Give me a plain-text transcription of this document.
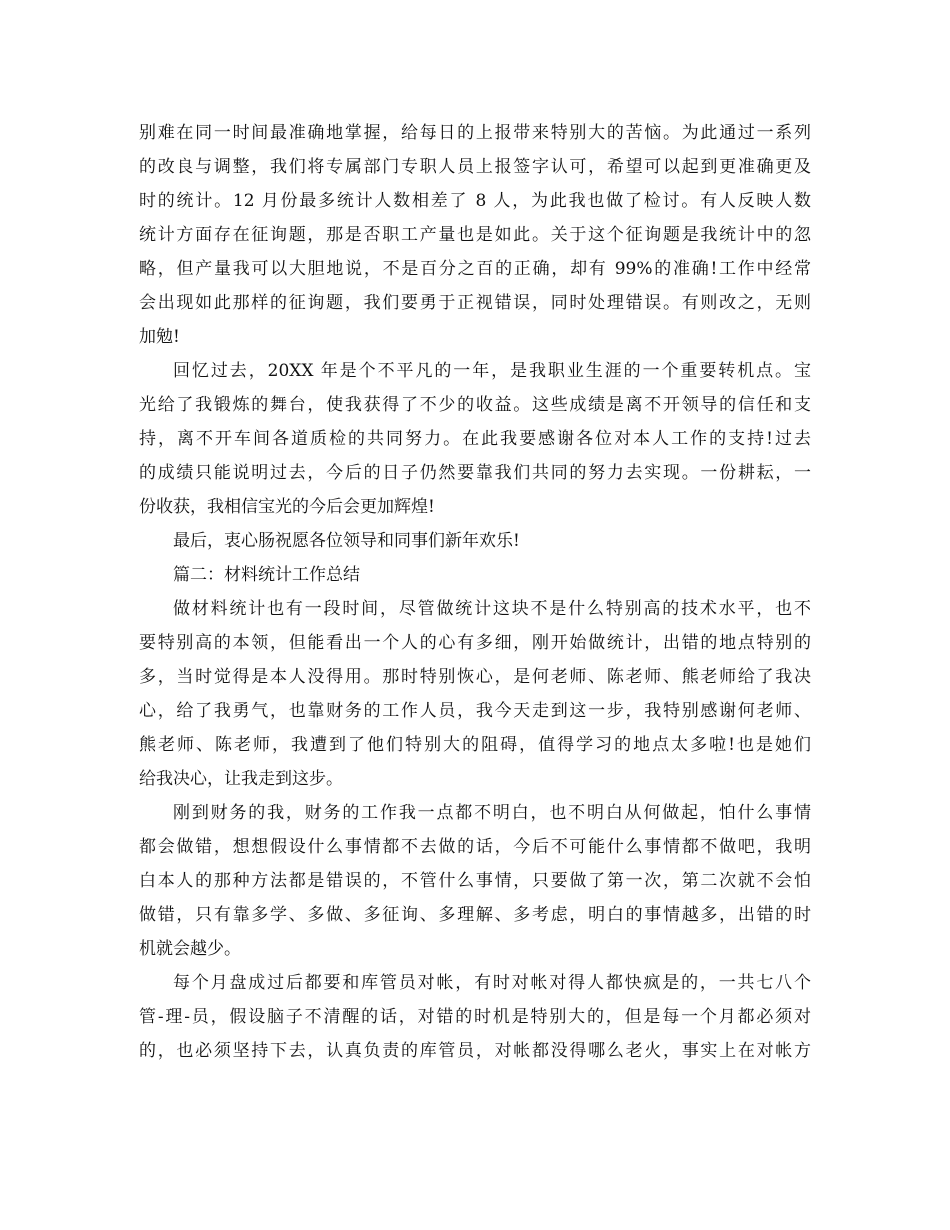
别难在同一时间最准确地掌握，给每日的上报带来特别大的苦恼。为此通过一系列
的改良与调整，我们将专属部门专职人员上报签字认可，希望可以起到更准确更及
时的统计。12 月份最多统计人数相差了 8 人，为此我也做了检讨。有人反映人数
统计方面存在征询题，那是否职工产量也是如此。关于这个征询题是我统计中的忽
略，但产量我可以大胆地说，不是百分之百的正确，却有 99%的准确!工作中经常
会出现如此那样的征询题，我们要勇于正视错误，同时处理错误。有则改之，无则
加勉!
回忆过去，20XX 年是个不平凡的一年，是我职业生涯的一个重要转机点。宝
光给了我锻炼的舞台，使我获得了不少的收益。这些成绩是离不开领导的信任和支
持，离不开车间各道质检的共同努力。在此我要感谢各位对本人工作的支持!过去
的成绩只能说明过去，今后的日子仍然要靠我们共同的努力去实现。一份耕耘，一
份收获，我相信宝光的今后会更加辉煌!
最后，衷心肠祝愿各位领导和同事们新年欢乐!
篇二：材料统计工作总结
做材料统计也有一段时间，尽管做统计这块不是什么特别高的技术水平，也不
要特别高的本领，但能看出一个人的心有多细，刚开始做统计，出错的地点特别的
多，当时觉得是本人没得用。那时特别恢心，是何老师、陈老师、熊老师给了我决
心，给了我勇气，也靠财务的工作人员，我今天走到这一步，我特别感谢何老师、
熊老师、陈老师，我遭到了他们特别大的阻碍，值得学习的地点太多啦!也是她们
给我决心，让我走到这步。
刚到财务的我，财务的工作我一点都不明白，也不明白从何做起，怕什么事情
都会做错，想想假设什么事情都不去做的话，今后不可能什么事情都不做吧，我明
白本人的那种方法都是错误的，不管什么事情，只要做了第一次，第二次就不会怕
做错，只有靠多学、多做、多征询、多理解、多考虑，明白的事情越多，出错的时
机就会越少。
每个月盘成过后都要和库管员对帐，有时对帐对得人都快疯是的，一共七八个
管-理-员，假设脑子不清醒的话，对错的时机是特别大的，但是每一个月都必须对
的，也必须坚持下去，认真负责的库管员，对帐都没得哪么老火，事实上在对帐方
